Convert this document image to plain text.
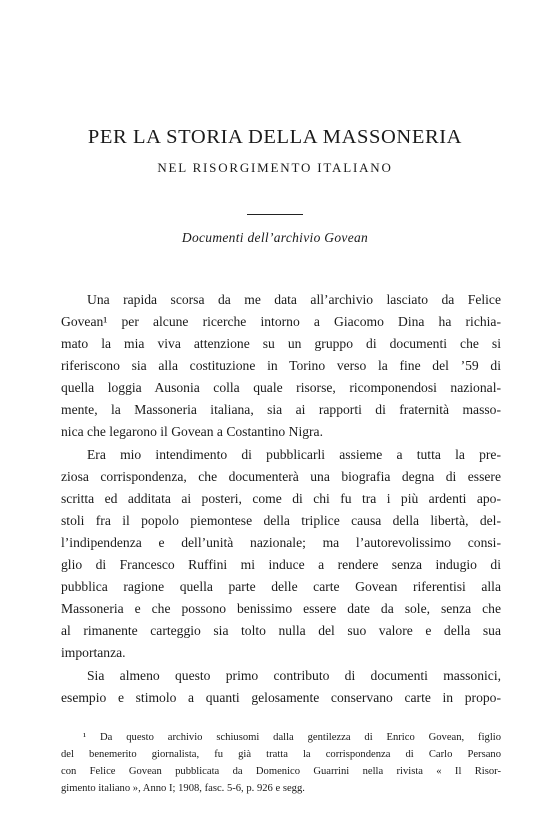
PER LA STORIA DELLA MASSONERIA
NEL RISORGIMENTO ITALIANO
Documenti dell’archivio Govean
Una rapida scorsa da me data all’archivio lasciato da Felice
Govean¹ per alcune ricerche intorno a Giacomo Dina ha richia-
mato la mia viva attenzione su un gruppo di documenti che si
riferiscono sia alla costituzione in Torino verso la fine del ’59 di
quella loggia Ausonia colla quale risorse, ricomponendosi nazional-
mente, la Massoneria italiana, sia ai rapporti di fraternità masso-
nica che legarono il Govean a Costantino Nigra.
Era mio intendimento di pubblicarli assieme a tutta la pre-
ziosa corrispondenza, che documenterà una biografia degna di essere
scritta ed additata ai posteri, come di chi fu tra i più ardenti apo-
stoli fra il popolo piemontese della triplice causa della libertà, del-
l’indipendenza e dell’unità nazionale; ma l’autorevolissimo consi-
glio di Francesco Ruffini mi induce a rendere senza indugio di
pubblica ragione quella parte delle carte Govean riferentisi alla
Massoneria e che possono benissimo essere date da sole, senza che
al rimanente carteggio sia tolto nulla del suo valore e della sua
importanza.
Sia almeno questo primo contributo di documenti massonici,
esempio e stimolo a quanti gelosamente conservano carte in propo-
¹ Da questo archivio schiusomi dalla gentilezza di Enrico Govean, figlio
del benemerito giornalista, fu già tratta la corrispondenza di Carlo Persano
con Felice Govean pubblicata da Domenico Guarrini nella rivista « Il Risor-
gimento italiano », Anno I; 1908, fasc. 5-6, p. 926 e segg.
